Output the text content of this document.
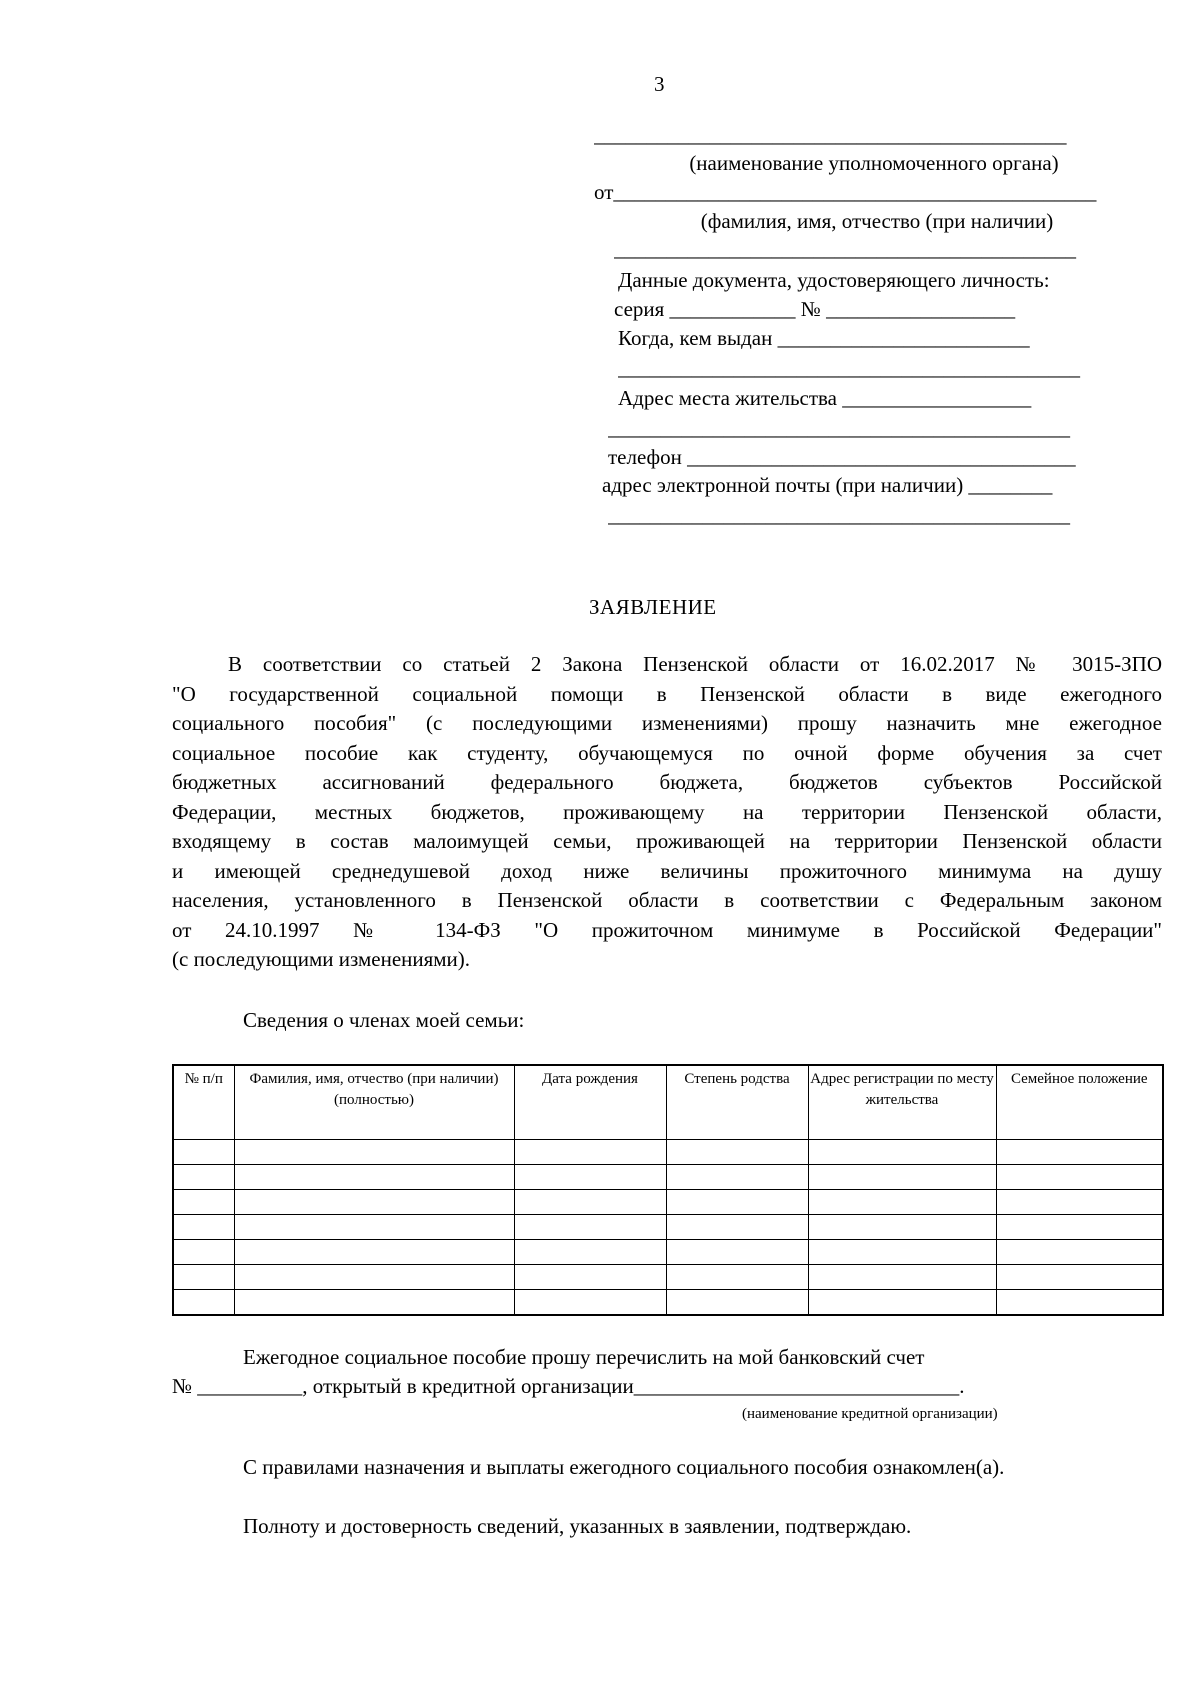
3
_____________________________________________
(наименование уполномоченного органа)
от______________________________________________
(фамилия, имя, отчество (при наличии)
____________________________________________
Данные документа, удостоверяющего личность:
серия ____________ № __________________
Когда, кем выдан ________________________
____________________________________________
Адрес места жительства __________________
____________________________________________
телефон _____________________________________
адрес электронной почты (при наличии) ________
____________________________________________
ЗАЯВЛЕНИЕ
В соответствии со статьей 2 Закона Пензенской области от 16.02.2017 № 3015-ЗПО
"О государственной социальной помощи в Пензенской области в виде ежегодного
социального пособия" (с последующими изменениями) прошу назначить мне ежегодное
социальное пособие как студенту, обучающемуся по очной форме обучения за счет
бюджетных ассигнований федерального бюджета, бюджетов субъектов Российской
Федерации, местных бюджетов, проживающему на территории Пензенской области,
входящему в состав малоимущей семьи, проживающей на территории Пензенской области
и имеющей среднедушевой доход ниже величины прожиточного минимума на душу
населения, установленного в Пензенской области в соответствии с Федеральным законом
от 24.10.1997 № 134-ФЗ "О прожиточном минимуме в Российской Федерации"
(с последующими изменениями).
Сведения о членах моей семьи:
№ п/п	Фамилия, имя, отчество (при наличии) (полностью)	Дата рождения	Степень родства	Адрес регистрации по месту жительства	Семейное положение

Ежегодное социальное пособие прошу перечислить на мой банковский счет
№ __________, открытый в кредитной организации_______________________________.
(наименование кредитной организации)
С правилами назначения и выплаты ежегодного социального пособия ознакомлен(а).
Полноту и достоверность сведений, указанных в заявлении, подтверждаю.
